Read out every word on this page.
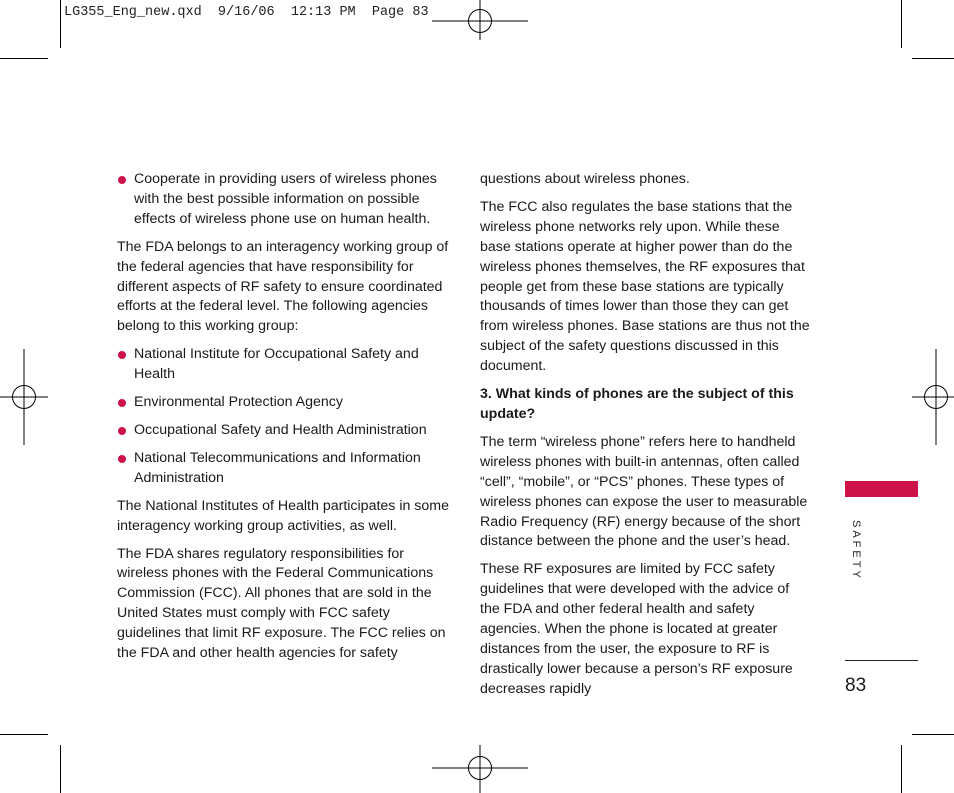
LG355_Eng_new.qxd  9/16/06  12:13 PM  Page 83
Cooperate in providing users of wireless phones with the best possible information on possible effects of wireless phone use on human health.

The FDA belongs to an interagency working group of the federal agencies that have responsibility for different aspects of RF safety to ensure coordinated efforts at the federal level. The following agencies belong to this working group:

National Institute for Occupational Safety and Health
Environmental Protection Agency
Occupational Safety and Health Administration
National Telecommunications and Information Administration

The National Institutes of Health participates in some interagency working group activities, as well.

The FDA shares regulatory responsibilities for wireless phones with the Federal Communications Commission (FCC). All phones that are sold in the United States must comply with FCC safety guidelines that limit RF exposure. The FCC relies on the FDA and other health agencies for safety

questions about wireless phones.

The FCC also regulates the base stations that the wireless phone networks rely upon. While these base stations operate at higher power than do the wireless phones themselves, the RF exposures that people get from these base stations are typically thousands of times lower than those they can get from wireless phones. Base stations are thus not the subject of the safety questions discussed in this document.

3. What kinds of phones are the subject of this update?

The term “wireless phone” refers here to handheld wireless phones with built-in antennas, often called “cell”, “mobile”, or “PCS” phones. These types of wireless phones can expose the user to measurable Radio Frequency (RF) energy because of the short distance between the phone and the user’s head.

These RF exposures are limited by FCC safety guidelines that were developed with the advice of the FDA and other federal health and safety agencies. When the phone is located at greater distances from the user, the exposure to RF is drastically lower because a person’s RF exposure decreases rapidly

SAFETY
83
